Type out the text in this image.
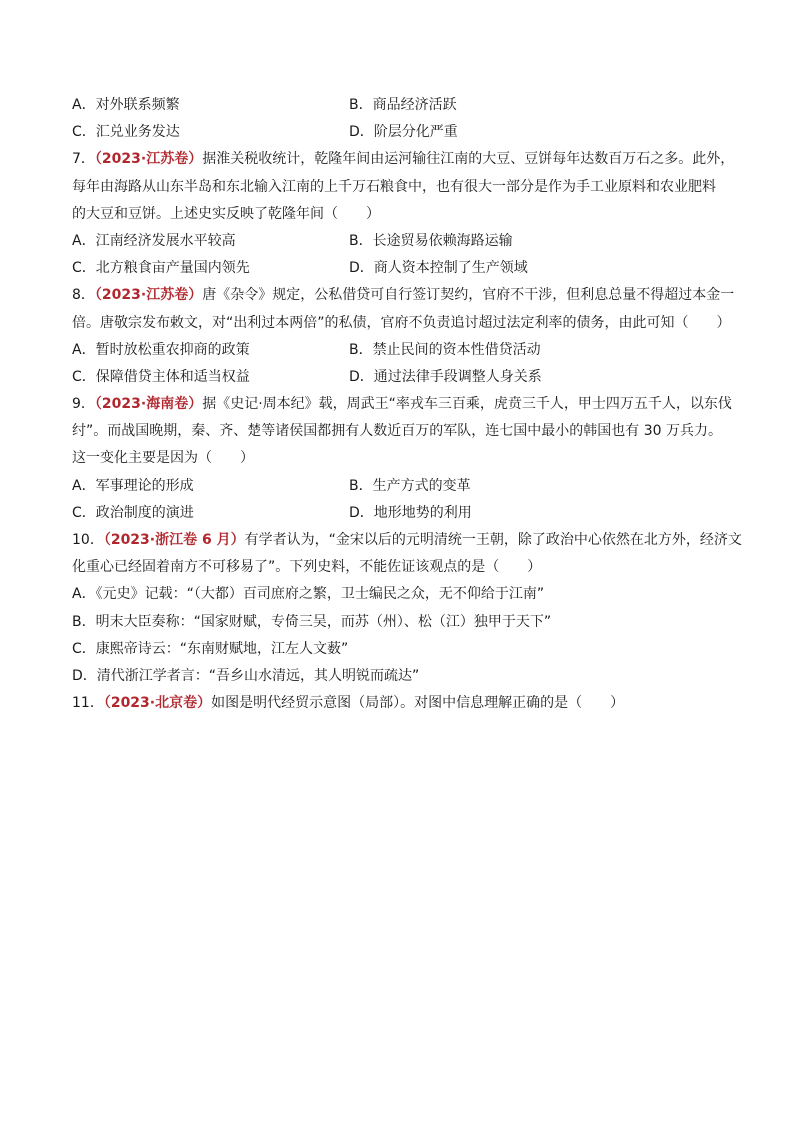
A．对外联系频繁	B．商品经济活跃
C．汇兑业务发达	D．阶层分化严重
7．（2023·江苏卷）据淮关税收统计，乾隆年间由运河输往江南的大豆、豆饼每年达数百万石之多。此外，
每年由海路从山东半岛和东北输入江南的上千万石粮食中，也有很大一部分是作为手工业原料和农业肥料
的大豆和豆饼。上述史实反映了乾隆年间（　　）
A．江南经济发展水平较高	B．长途贸易依赖海路运输
C．北方粮食亩产量国内领先	D．商人资本控制了生产领域
8．（2023·江苏卷）唐《杂令》规定，公私借贷可自行签订契约，官府不干涉，但利息总量不得超过本金一
倍。唐敬宗发布敕文，对“出利过本两倍”的私债，官府不负责追讨超过法定利率的债务，由此可知（　　）
A．暂时放松重农抑商的政策	B．禁止民间的资本性借贷活动
C．保障借贷主体和适当权益	D．通过法律手段调整人身关系
9．（2023·海南卷）据《史记·周本纪》载，周武王“率戎车三百乘，虎贲三千人，甲士四万五千人，以东伐
纣”。而战国晚期，秦、齐、楚等诸侯国都拥有人数近百万的军队，连七国中最小的韩国也有 30 万兵力。
这一变化主要是因为（　　）
A．军事理论的形成	B．生产方式的变革
C．政治制度的演进	D．地形地势的利用
10．（2023·浙江卷 6 月）有学者认为，“金宋以后的元明清统一王朝，除了政治中心依然在北方外，经济文
化重心已经固着南方不可移易了”。下列史料，不能佐证该观点的是（　　）
A．《元史》记载：“（大都）百司庶府之繁，卫士编民之众，无不仰给于江南”
B．明末大臣奏称：“国家财赋，专倚三吴，而苏（州）、松（江）独甲于天下”
C．康熙帝诗云：“东南财赋地，江左人文薮”
D．清代浙江学者言：“吾乡山水清远，其人明锐而疏达”
11．（2023·北京卷）如图是明代经贸示意图（局部）。对图中信息理解正确的是（　　）
